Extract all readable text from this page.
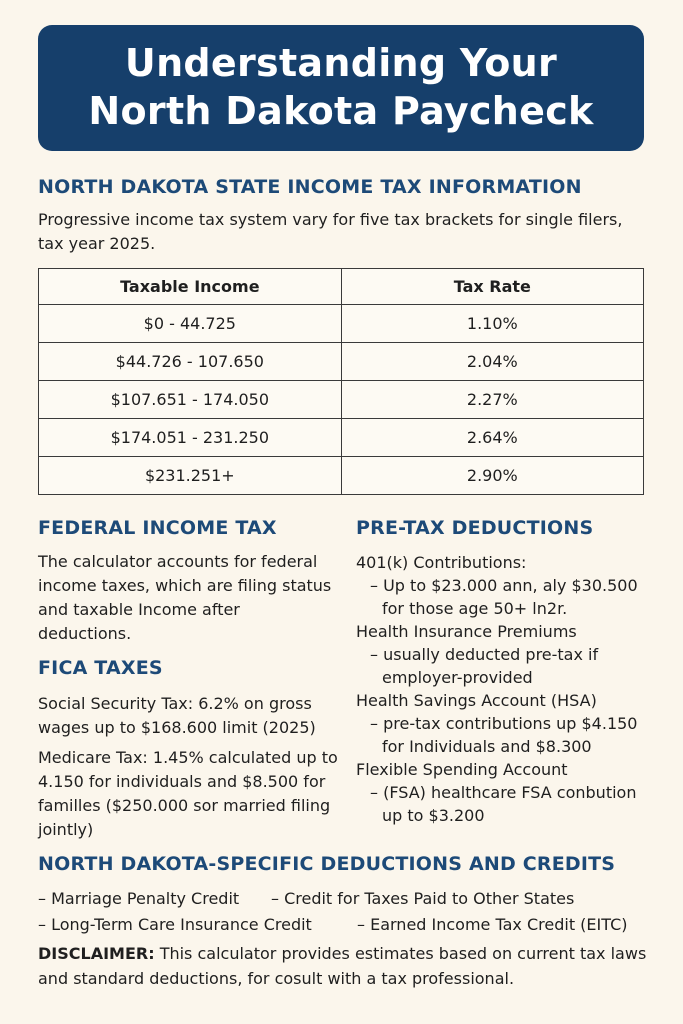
Understanding Your
North Dakota Paycheck
NORTH DAKOTA STATE INCOME TAX INFORMATION
Progressive income tax system vary for five tax brackets for single filers, tax year 2025.
Taxable Income	Tax Rate
$0 - 44.725	1.10%
$44.726 - 107.650	2.04%
$107.651 - 174.050	2.27%
$174.051 - 231.250	2.64%
$231.251+	2.90%
FEDERAL INCOME TAX
The calculator accounts for federal income taxes, which are filing status and taxable Income after deductions.
FICA TAXES
Social Security Tax: 6.2% on gross wages up to $168.600 limit (2025)
Medicare Tax: 1.45% calculated up to 4.150 for individuals and $8.500 for familles ($250.000 sor married filing jointly)
PRE-TAX DEDUCTIONS
401(k) Contributions:
– Up to $23.000 ann, aly $30.500
for those age 50+ ln2r.
Health Insurance Premiums
– usually deducted pre-tax if
employer-provided
Health Savings Account (HSA)
– pre-tax contributions up $4.150
for Individuals and $8.300
Flexible Spending Account
– (FSA) healthcare FSA conbution
up to $3.200
NORTH DAKOTA-SPECIFIC DEDUCTIONS AND CREDITS
– Marriage Penalty Credit – Credit for Taxes Paid to Other States
– Long-Term Care Insurance Credit	– Earned Income Tax Credit (EITC)
DISCLAIMER: This calculator provides estimates based on current tax laws and standard deductions, for cosult with a tax professional.
